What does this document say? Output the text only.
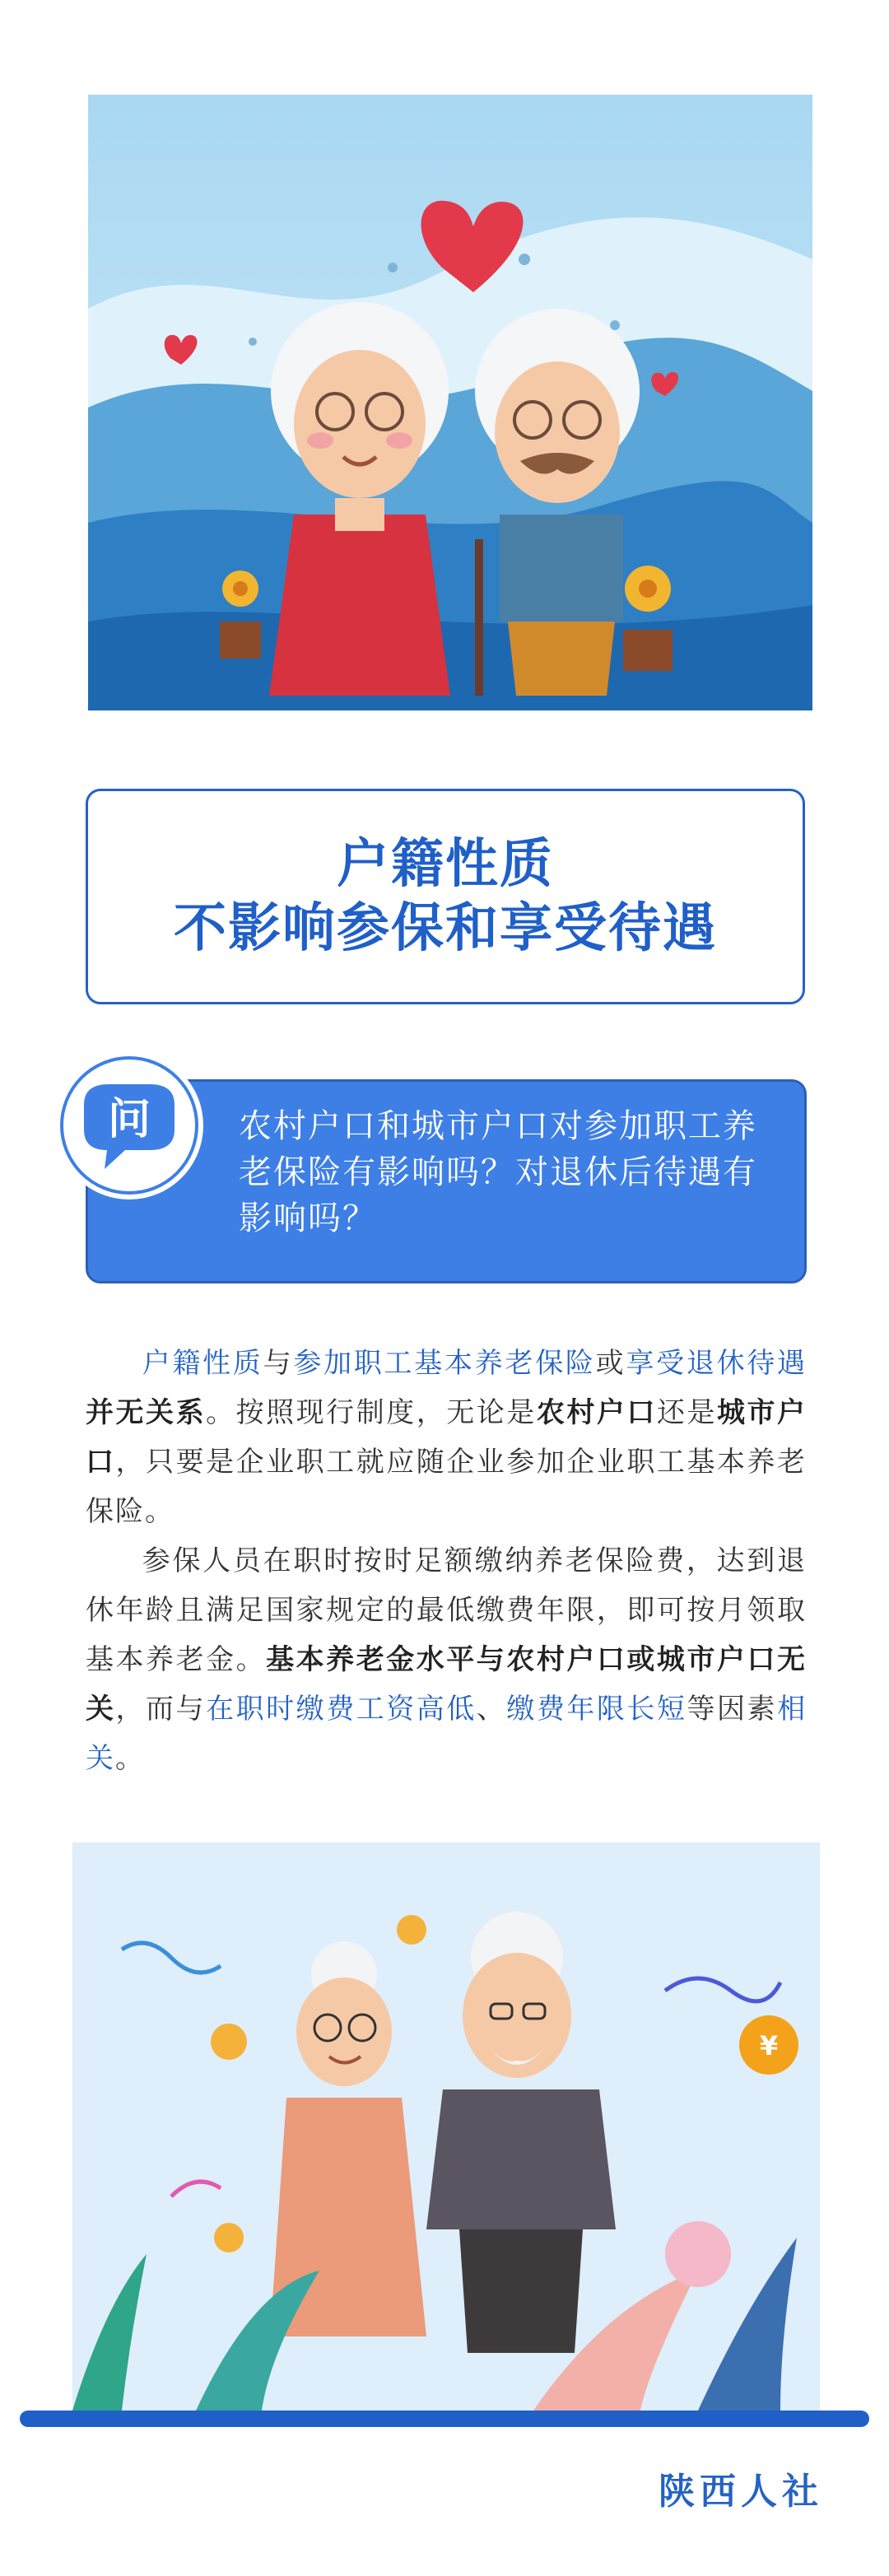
户籍性质
不影响参保和享受待遇
农村户口和城市户口对参加职工养老保险有影响吗？对退休后待遇有影响吗？
问
户籍性质与参加职工基本养老保险或享受退休待遇并无关系。按照现行制度，无论是农村户口还是城市户口，只要是企业职工就应随企业参加企业职工基本养老保险。
参保人员在职时按时足额缴纳养老保险费，达到退休年龄且满足国家规定的最低缴费年限，即可按月领取基本养老金。基本养老金水平与农村户口或城市户口无关，而与在职时缴费工资高低、缴费年限长短等因素相关。
¥
陕西人社
